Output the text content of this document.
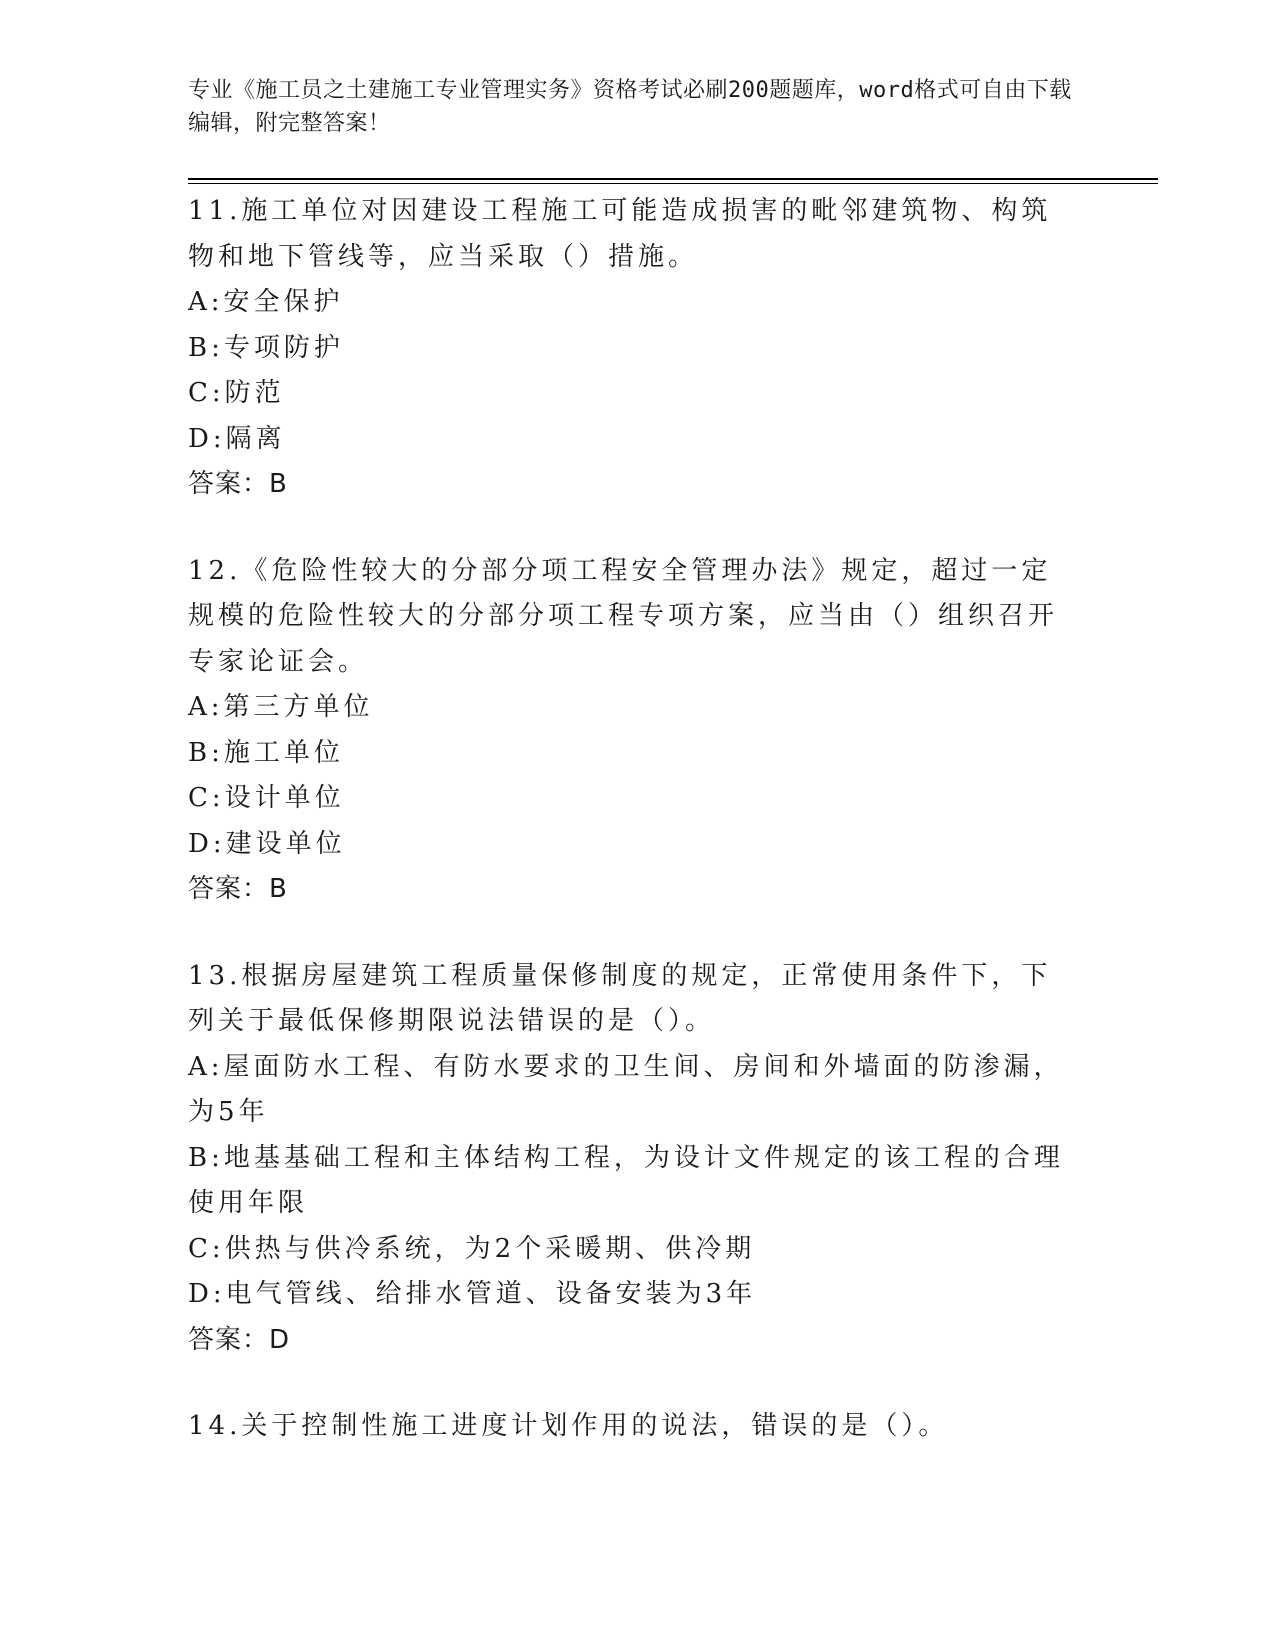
专业《施工员之土建施工专业管理实务》资格考试必刷200题题库，word格式可自由下载编辑，附完整答案！

11.施工单位对因建设工程施工可能造成损害的毗邻建筑物、构筑物和地下管线等，应当采取（）措施。

A:安全保护

B:专项防护

C:防范

D:隔离

答案：B

12.《危险性较大的分部分项工程安全管理办法》规定，超过一定规模的危险性较大的分部分项工程专项方案，应当由（）组织召开专家论证会。

A:第三方单位

B:施工单位

C:设计单位

D:建设单位

答案：B

13.根据房屋建筑工程质量保修制度的规定，正常使用条件下，下列关于最低保修期限说法错误的是（）。

A:屋面防水工程、有防水要求的卫生间、房间和外墙面的防渗漏，为5年

B:地基基础工程和主体结构工程，为设计文件规定的该工程的合理使用年限

C:供热与供冷系统，为2个采暖期、供冷期

D:电气管线、给排水管道、设备安装为3年

答案：D

14.关于控制性施工进度计划作用的说法，错误的是（）。
